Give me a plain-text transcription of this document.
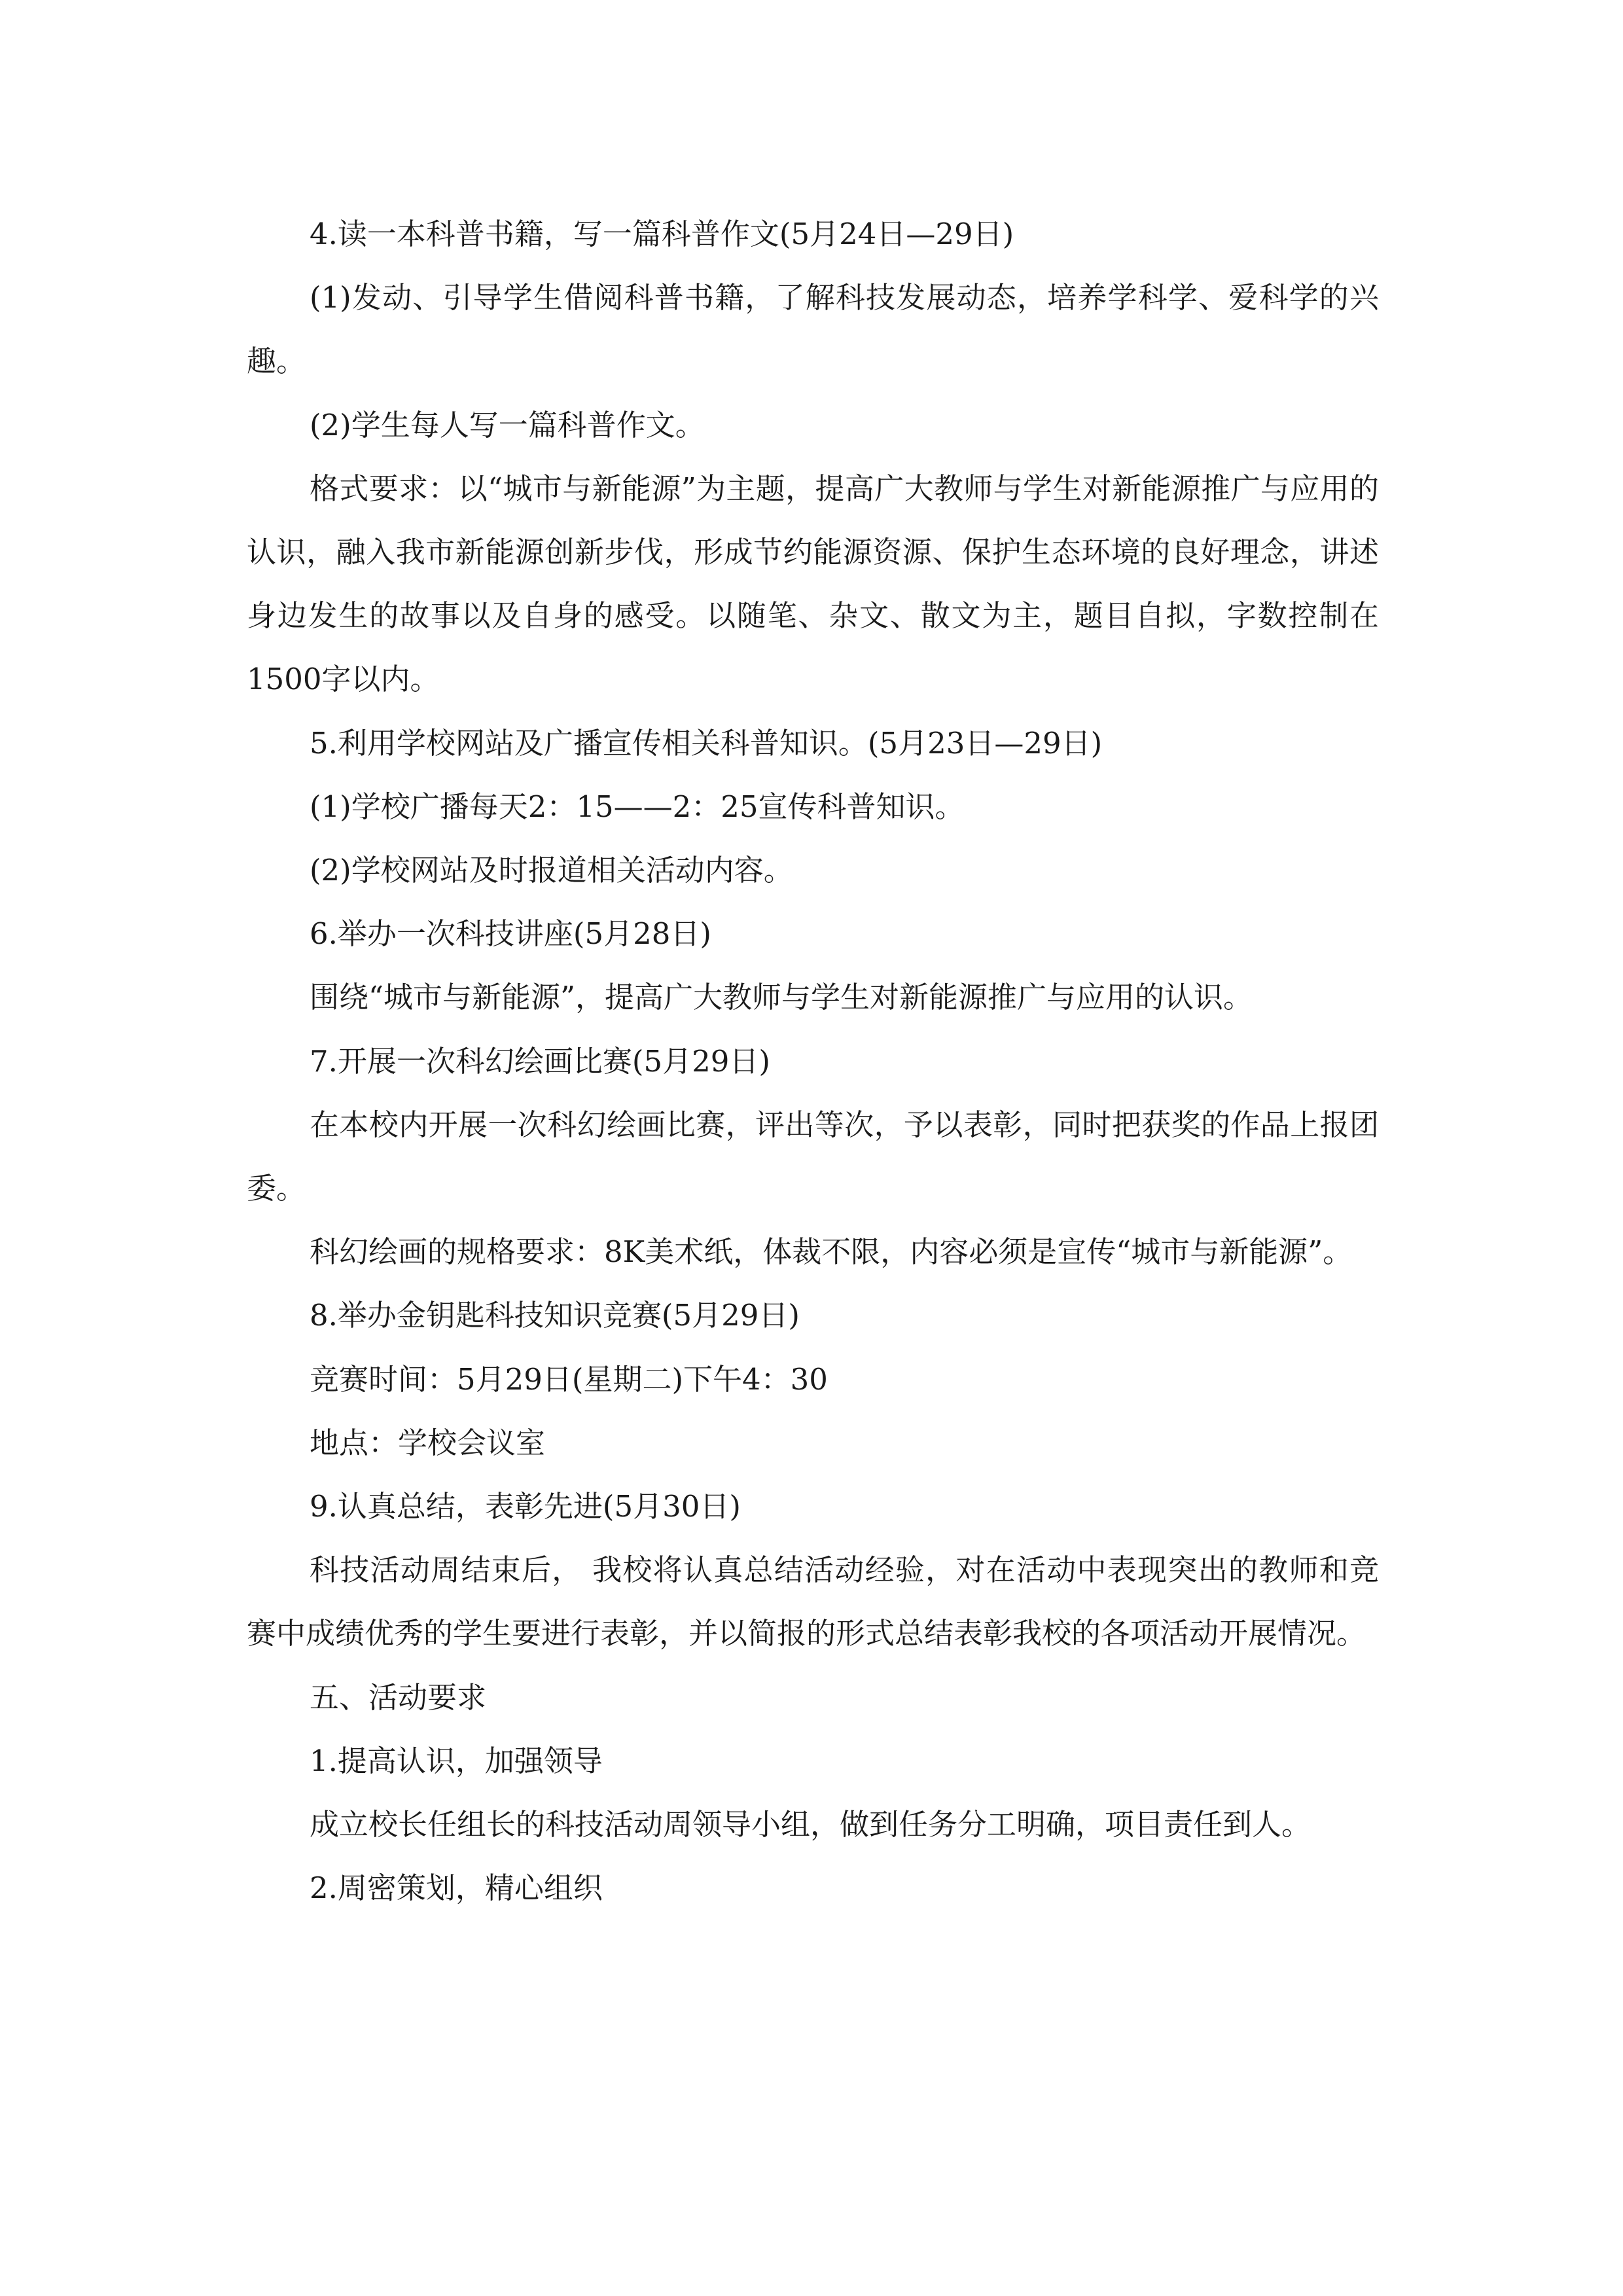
4.读一本科普书籍，写一篇科普作文(5月24日—29日)

(1)发动、引导学生借阅科普书籍，了解科技发展动态，培养学科学、爱科学的兴趣。

(2)学生每人写一篇科普作文。

格式要求：以“城市与新能源”为主题，提高广大教师与学生对新能源推广与应用的认识，融入我市新能源创新步伐，形成节约能源资源、保护生态环境的良好理念，讲述身边发生的故事以及自身的感受。以随笔、杂文、散文为主，题目自拟，字数控制在1500字以内。

5.利用学校网站及广播宣传相关科普知识。(5月23日—29日)

(1)学校广播每天2：15——2：25宣传科普知识。

(2)学校网站及时报道相关活动内容。

6.举办一次科技讲座(5月28日)

围绕“城市与新能源”，提高广大教师与学生对新能源推广与应用的认识。

7.开展一次科幻绘画比赛(5月29日)

在本校内开展一次科幻绘画比赛，评出等次，予以表彰，同时把获奖的作品上报团委。

科幻绘画的规格要求：8K美术纸，体裁不限，内容必须是宣传“城市与新能源”。

8.举办金钥匙科技知识竞赛(5月29日)

竞赛时间：5月29日(星期二)下午4：30

地点：学校会议室

9.认真总结，表彰先进(5月30日)

科技活动周结束后， 我校将认真总结活动经验，对在活动中表现突出的教师和竞赛中成绩优秀的学生要进行表彰，并以简报的形式总结表彰我校的各项活动开展情况。

五、活动要求

1.提高认识，加强领导

成立校长任组长的科技活动周领导小组，做到任务分工明确，项目责任到人。

2.周密策划，精心组织
